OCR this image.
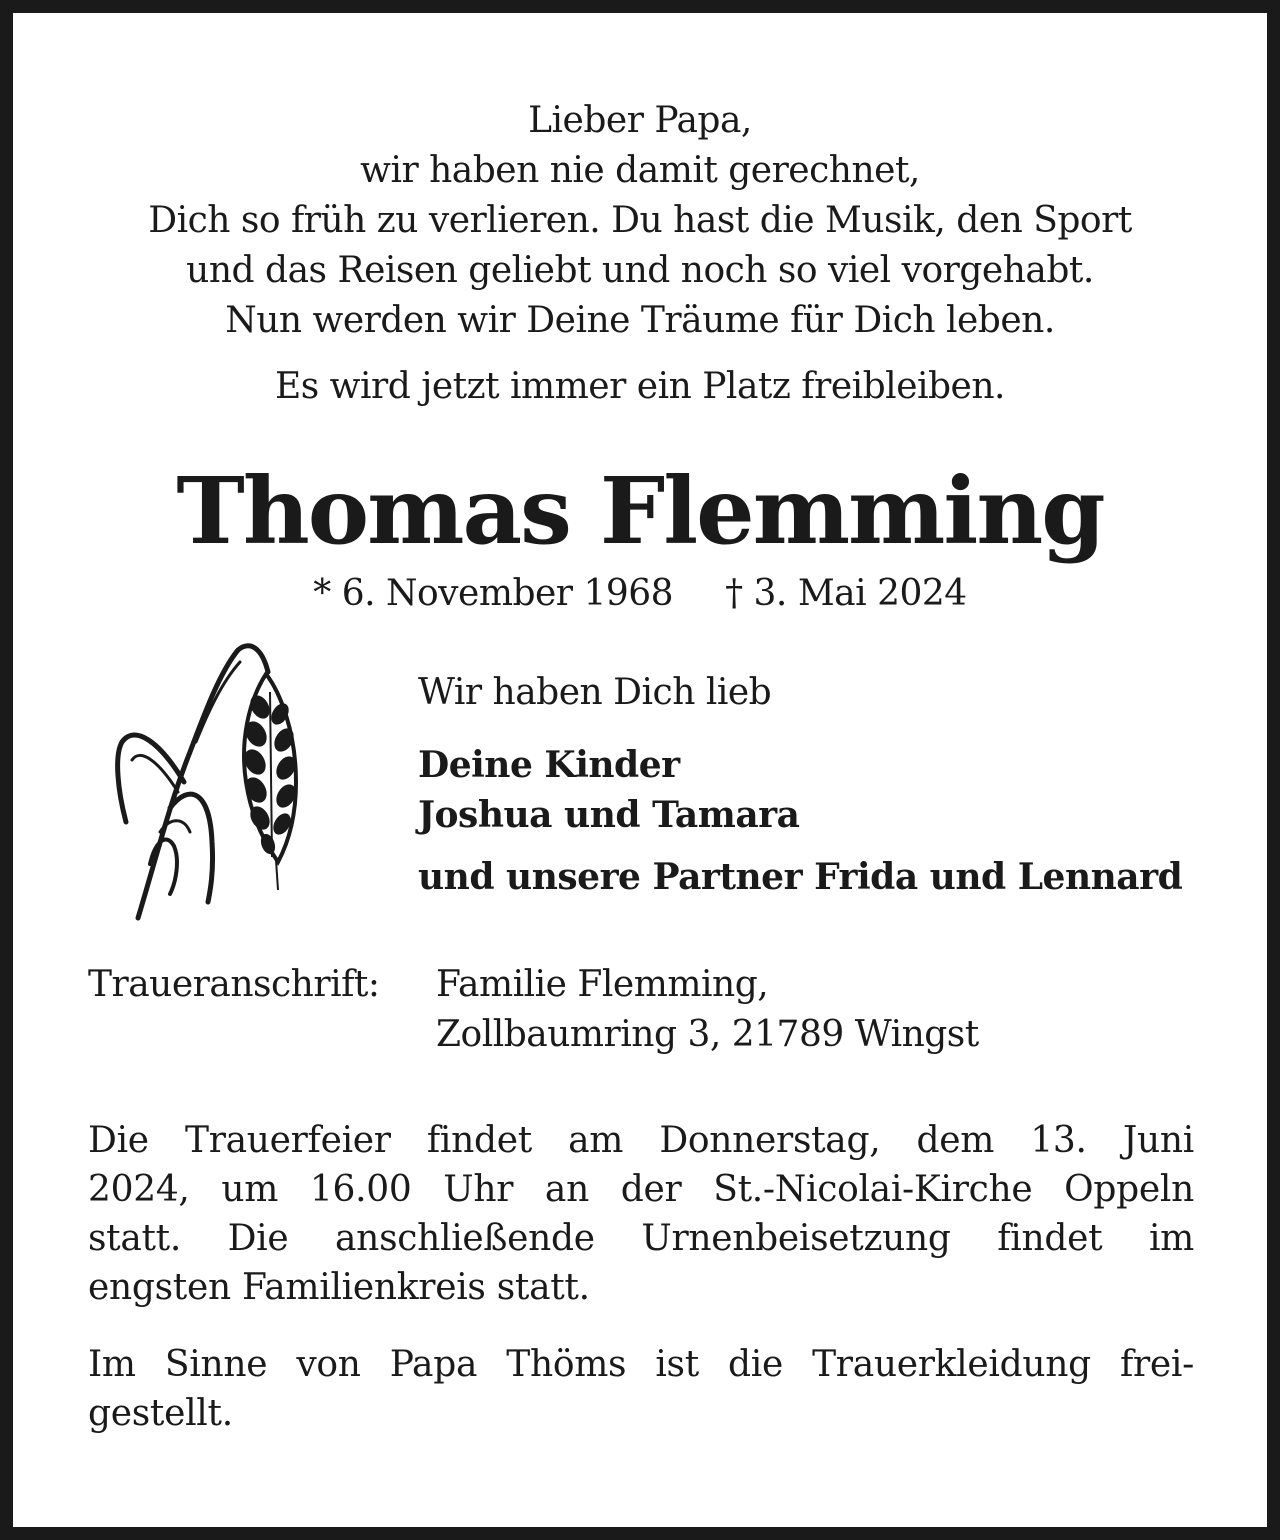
Lieber Papa,
wir haben nie damit gerechnet,
Dich so früh zu verlieren. Du hast die Musik, den Sport
und das Reisen geliebt und noch so viel vorgehabt.
Nun werden wir Deine Träume für Dich leben.
Es wird jetzt immer ein Platz freibleiben.
Thomas Flemming
* 6. November 1968 † 3. Mai 2024
Wir haben Dich lieb
Deine Kinder
Joshua und Tamara
und unsere Partner Frida und Lennard
Traueranschrift: Familie Flemming,
Zollbaumring 3, 21789 Wingst
Die Trauerfeier findet am Donnerstag, dem 13. Juni
2024, um 16.00 Uhr an der St.-Nicolai-Kirche Oppeln
statt. Die anschließende Urnenbeisetzung findet im
engsten Familienkreis statt.
Im Sinne von Papa Thöms ist die Trauerkleidung frei-
gestellt.
